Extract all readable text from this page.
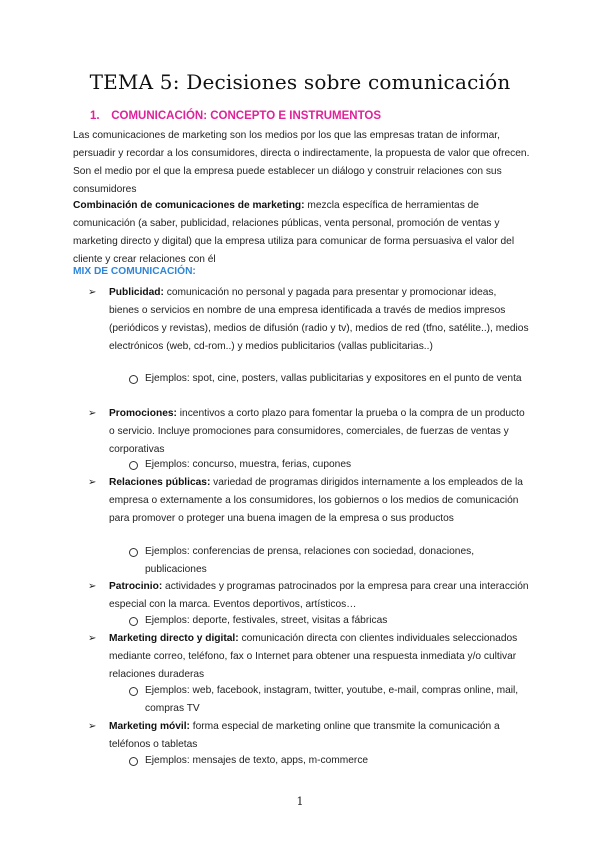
TEMA 5: Decisiones sobre comunicación
1. COMUNICACIÓN: CONCEPTO E INSTRUMENTOS
Las comunicaciones de marketing son los medios por los que las empresas tratan de informar, persuadir y recordar a los consumidores, directa o indirectamente, la propuesta de valor que ofrecen. Son el medio por el que la empresa puede establecer un diálogo y construir relaciones con sus consumidores
Combinación de comunicaciones de marketing: mezcla específica de herramientas de comunicación (a saber, publicidad, relaciones públicas, venta personal, promoción de ventas y marketing directo y digital) que la empresa utiliza para comunicar de forma persuasiva el valor del cliente y crear relaciones con él
MIX DE COMUNICACIÓN:
➢ Publicidad: comunicación no personal y pagada para presentar y promocionar ideas, bienes o servicios en nombre de una empresa identificada a través de medios impresos (periódicos y revistas), medios de difusión (radio y tv), medios de red (tfno, satélite..), medios electrónicos (web, cd-rom..) y medios publicitarios (vallas publicitarias..)
Ejemplos: spot, cine, posters, vallas publicitarias y expositores en el punto de venta
➢ Promociones: incentivos a corto plazo para fomentar la prueba o la compra de un producto o servicio. Incluye promociones para consumidores, comerciales, de fuerzas de ventas y corporativas
Ejemplos: concurso, muestra, ferias, cupones
➢ Relaciones públicas: variedad de programas dirigidos internamente a los empleados de la empresa o externamente a los consumidores, los gobiernos o los medios de comunicación para promover o proteger una buena imagen de la empresa o sus productos
Ejemplos: conferencias de prensa, relaciones con sociedad, donaciones, publicaciones
➢ Patrocinio: actividades y programas patrocinados por la empresa para crear una interacción especial con la marca. Eventos deportivos, artísticos…
Ejemplos: deporte, festivales, street, visitas a fábricas
➢ Marketing directo y digital: comunicación directa con clientes individuales seleccionados mediante correo, teléfono, fax o Internet para obtener una respuesta inmediata y/o cultivar relaciones duraderas
Ejemplos: web, facebook, instagram, twitter, youtube, e-mail, compras online, mail, compras TV
➢ Marketing móvil: forma especial de marketing online que transmite la comunicación a teléfonos o tabletas
Ejemplos: mensajes de texto, apps, m-commerce
1
